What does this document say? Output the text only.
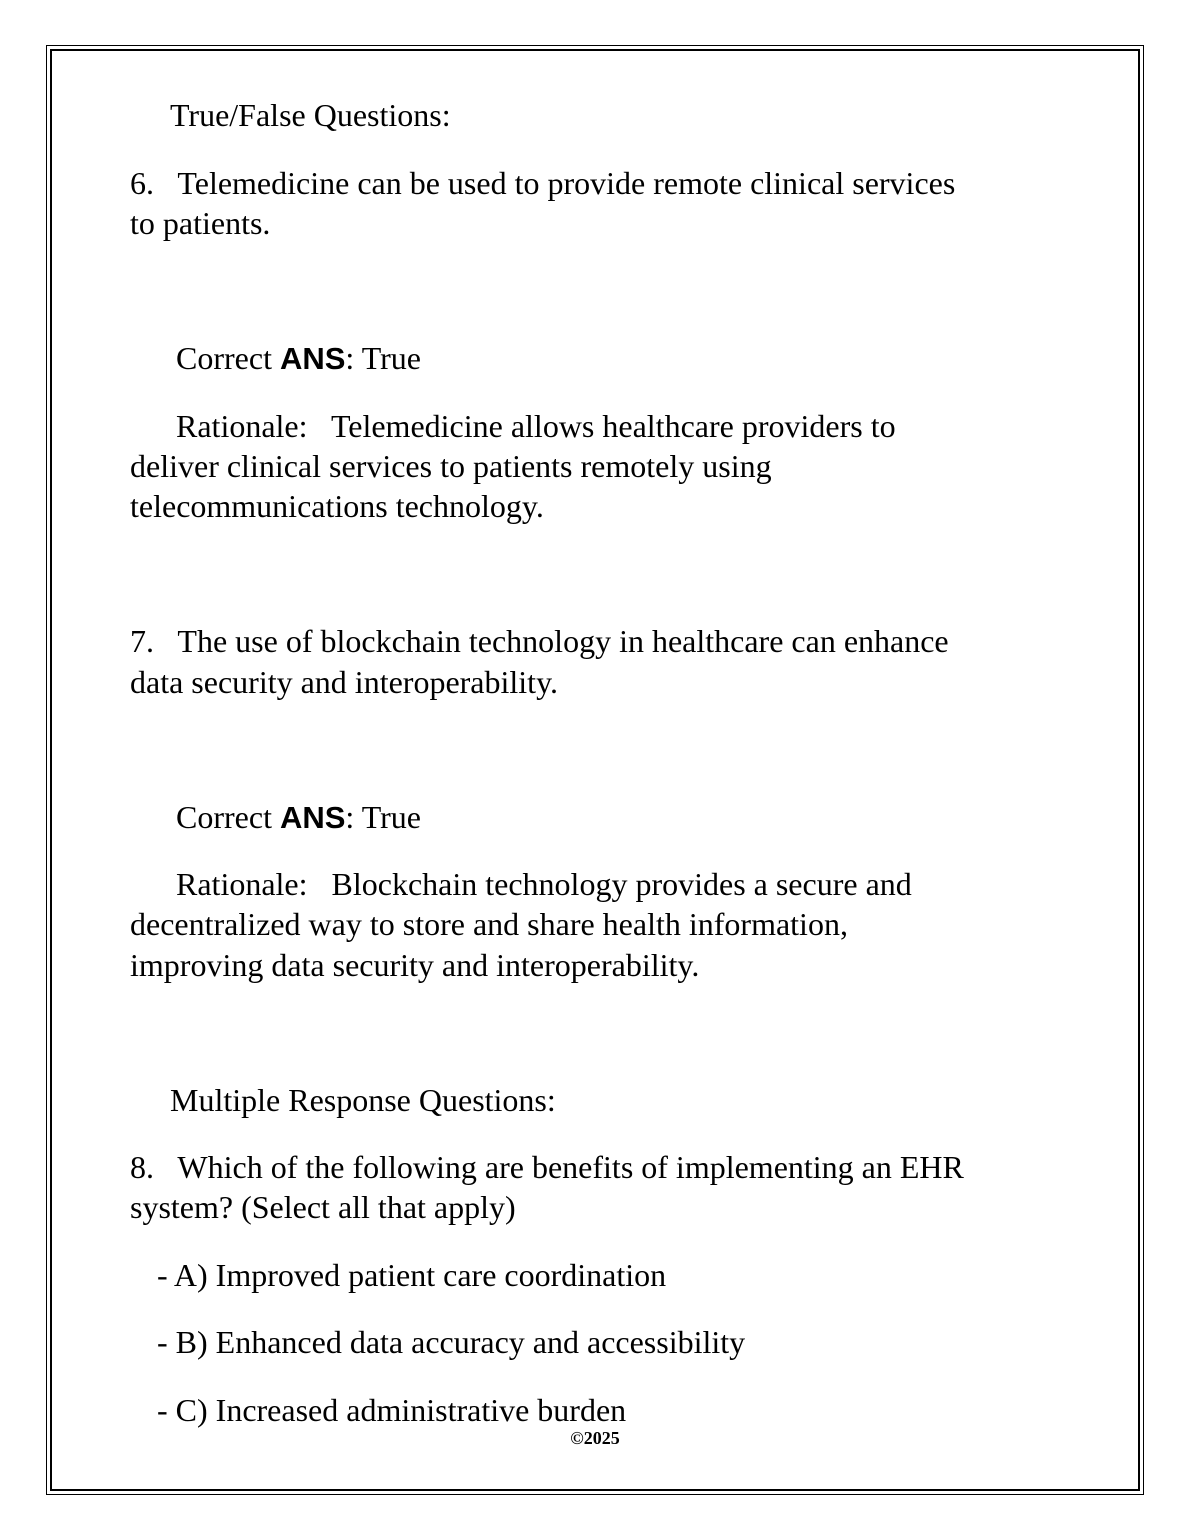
True/False Questions:

6. Telemedicine can be used to provide remote clinical services

to patients.

Correct ANS: True

Rationale: Telemedicine allows healthcare providers to

deliver clinical services to patients remotely using

telecommunications technology.

7. The use of blockchain technology in healthcare can enhance

data security and interoperability.

Correct ANS: True

Rationale: Blockchain technology provides a secure and

decentralized way to store and share health information,

improving data security and interoperability.

Multiple Response Questions:

8. Which of the following are benefits of implementing an EHR

system? (Select all that apply)

- A) Improved patient care coordination

- B) Enhanced data accuracy and accessibility

- C) Increased administrative burden

©2025
